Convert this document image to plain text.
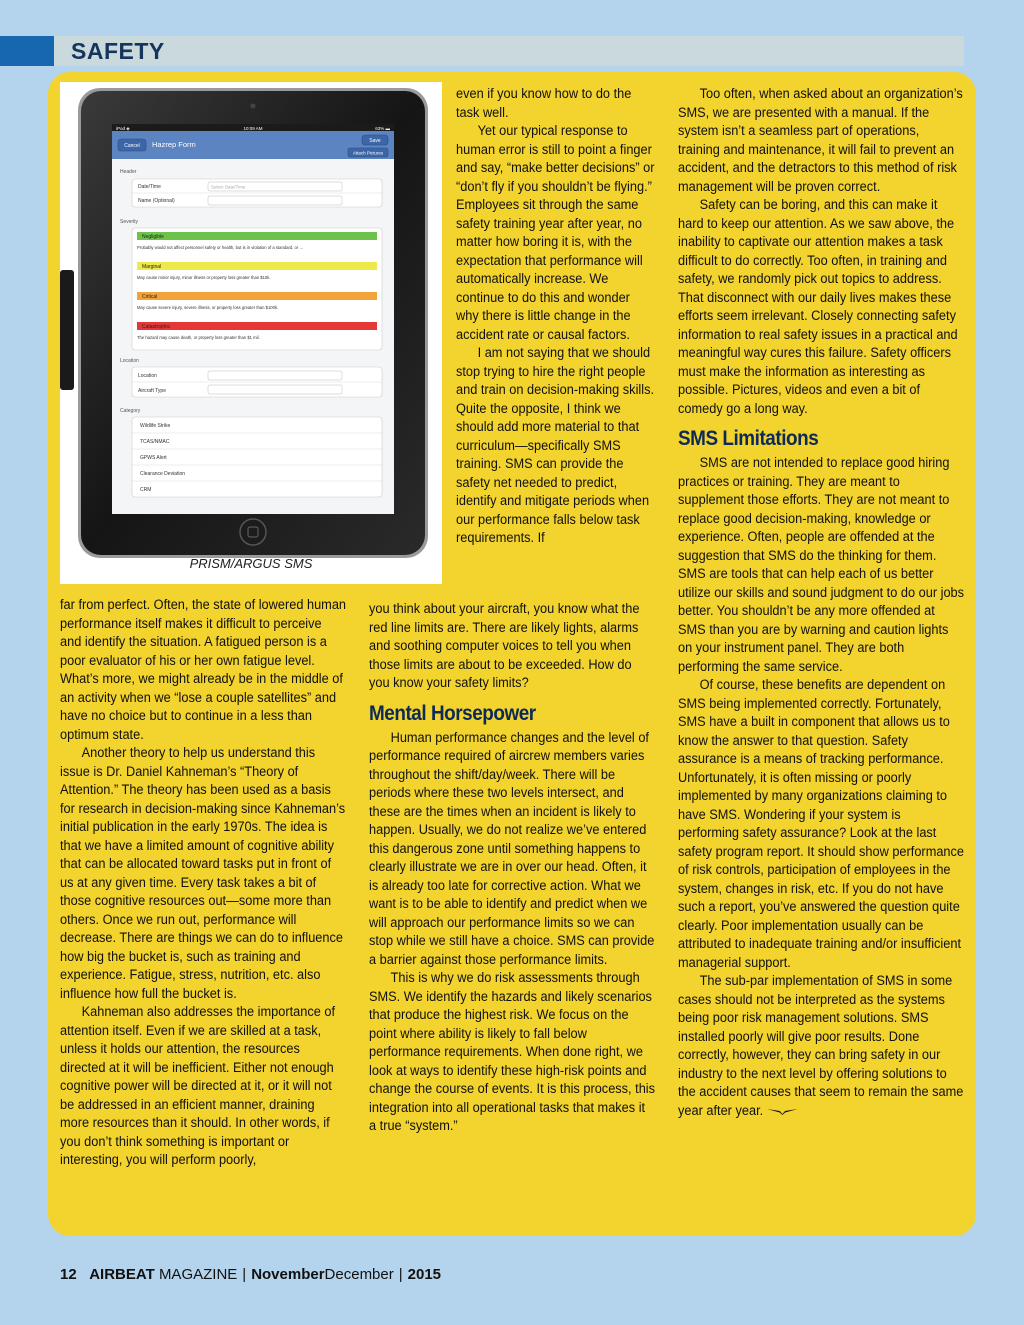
SAFETY
iPod ◈	10:09 AM	63% ▬
Cancel Hazrep Form	Save
Attach Pictures
Header
Date/Time	Select Date/Time
Name (Optional)
Severity
Negligible
Probably would not affect personnel safety or health, but is in violation of a standard, or …
Marginal
May cause minor injury, minor illness or property loss greater than $10k.
Critical
May cause severe injury, severe illness, or property loss greater than $100k.
Catastrophic
The hazard may cause death, or property loss greater than $1 mil.
Location
Location
Aircraft Type
Category
Wildlife Strike
TCAS/NMAC
GPWS Alert
Clearance Deviation
CRM
PRISM/ARGUS SMS

far from perfect. Often, the state of lowered human performance itself makes it difficult to perceive and identify the situation. A fatigued person is a poor evaluator of his or her own fatigue level. What’s more, we might already be in the middle of an activity when we “lose a couple satellites” and have no choice but to continue in a less than optimum state.

Another theory to help us understand this issue is Dr. Daniel Kahneman’s “Theory of Attention.” The theory has been used as a basis for research in decision-making since Kahneman’s initial publication in the early 1970s. The idea is that we have a limited amount of cognitive ability that can be allocated toward tasks put in front of us at any given time. Every task takes a bit of those cognitive resources out—some more than others. Once we run out, performance will decrease. There are things we can do to influence how big the bucket is, such as training and experience. Fatigue, stress, nutrition, etc. also influence how full the bucket is.

Kahneman also addresses the importance of attention itself. Even if we are skilled at a task, unless it holds our attention, the resources directed at it will be inefficient. Either not enough cognitive power will be directed at it, or it will not be addressed in an efficient manner, draining more resources than it should. In other words, if you don’t think something is important or interesting, you will perform poorly,

even if you know how to do the task well.

Yet our typical response to human error is still to point a finger and say, “make better decisions” or “don’t fly if you shouldn’t be flying.” Employees sit through the same safety training year after year, no matter how boring it is, with the expectation that performance will automatically increase. We continue to do this and wonder why there is little change in the accident rate or causal factors.

I am not saying that we should stop trying to hire the right people and train on decision-making skills. Quite the opposite, I think we should add more material to that curriculum—specifically SMS training. SMS can provide the safety net needed to predict, identify and mitigate periods when our performance falls below task requirements. If

you think about your aircraft, you know what the red line limits are. There are likely lights, alarms and soothing computer voices to tell you when those limits are about to be exceeded. How do you know your safety limits?

Mental Horsepower

Human performance changes and the level of performance required of aircrew members varies throughout the shift/day/week. There will be periods where these two levels intersect, and these are the times when an incident is likely to happen. Usually, we do not realize we’ve entered this dangerous zone until something happens to clearly illustrate we are in over our head. Often, it is already too late for corrective action. What we want is to be able to identify and predict when we will approach our performance limits so we can stop while we still have a choice. SMS can provide a barrier against those performance limits.

This is why we do risk assessments through SMS. We identify the hazards and likely scenarios that produce the highest risk. We focus on the point where ability is likely to fall below performance requirements. When done right, we look at ways to identify these high-risk points and change the course of events. It is this process, this integration into all operational tasks that makes it a true “system.”

Too often, when asked about an organization’s SMS, we are presented with a manual. If the system isn’t a seamless part of operations, training and maintenance, it will fail to prevent an accident, and the detractors to this method of risk management will be proven correct.

Safety can be boring, and this can make it hard to keep our attention. As we saw above, the inability to captivate our attention makes a task difficult to do correctly. Too often, in training and safety, we randomly pick out topics to address. That disconnect with our daily lives makes these efforts seem irrelevant. Closely connecting safety information to real safety issues in a practical and meaningful way cures this failure. Safety officers must make the information as interesting as possible. Pictures, videos and even a bit of comedy go a long way.

SMS Limitations

SMS are not intended to replace good hiring practices or training. They are meant to supplement those efforts. They are not meant to replace good decision-making, knowledge or experience. Often, people are offended at the suggestion that SMS do the thinking for them. SMS are tools that can help each of us better utilize our skills and sound judgment to do our jobs better. You shouldn’t be any more offended at SMS than you are by warning and caution lights on your instrument panel. They are both performing the same service.

Of course, these benefits are dependent on SMS being implemented correctly. Fortunately, SMS have a built in component that allows us to know the answer to that question. Safety assurance is a means of tracking performance. Unfortunately, it is often missing or poorly implemented by many organizations claiming to have SMS. Wondering if your system is performing safety assurance? Look at the last safety program report. It should show performance of risk controls, participation of employees in the system, changes in risk, etc. If you do not have such a report, you’ve answered the question quite clearly. Poor implementation usually can be attributed to inadequate training and/or insufficient managerial support.

The sub-par implementation of SMS in some cases should not be interpreted as the systems being poor risk management solutions. SMS installed poorly will give poor results. Done correctly, however, they can bring safety in our industry to the next level by offering solutions to the accident causes that seem to remain the same year after year.

12 AIRBEAT MAGAZINE | NovemberDecember | 2015
